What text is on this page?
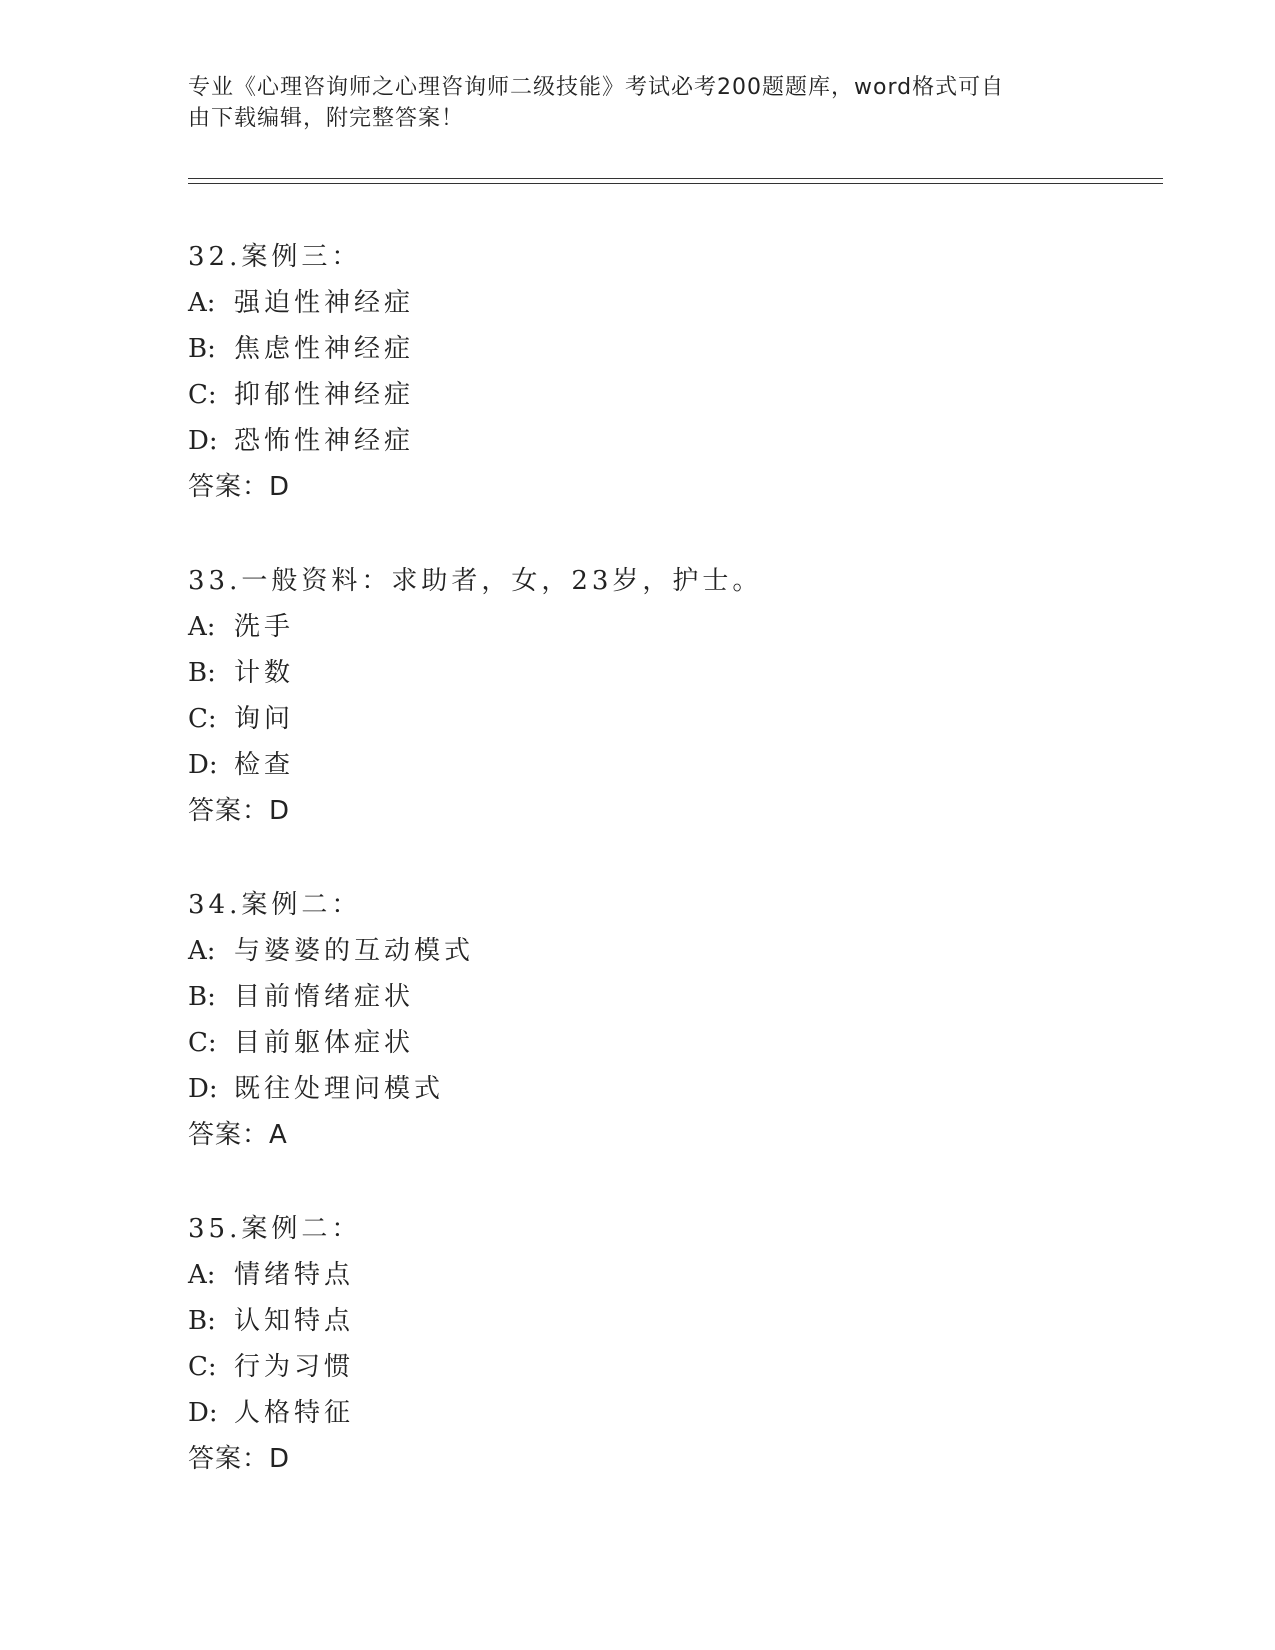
专业《心理咨询师之心理咨询师二级技能》考试必考200题题库，word格式可自
由下载编辑，附完整答案！
32.案例三：
A: 强迫性神经症
B: 焦虑性神经症
C: 抑郁性神经症
D: 恐怖性神经症
答案：D
33.一般资料：求助者，女，23岁，护士。
A: 洗手
B: 计数
C: 询问
D: 检查
答案：D
34.案例二：
A: 与婆婆的互动模式
B: 目前惰绪症状
C: 目前躯体症状
D: 既往处理问模式
答案：A
35.案例二：
A: 情绪特点
B: 认知特点
C: 行为习惯
D: 人格特征
答案：D
